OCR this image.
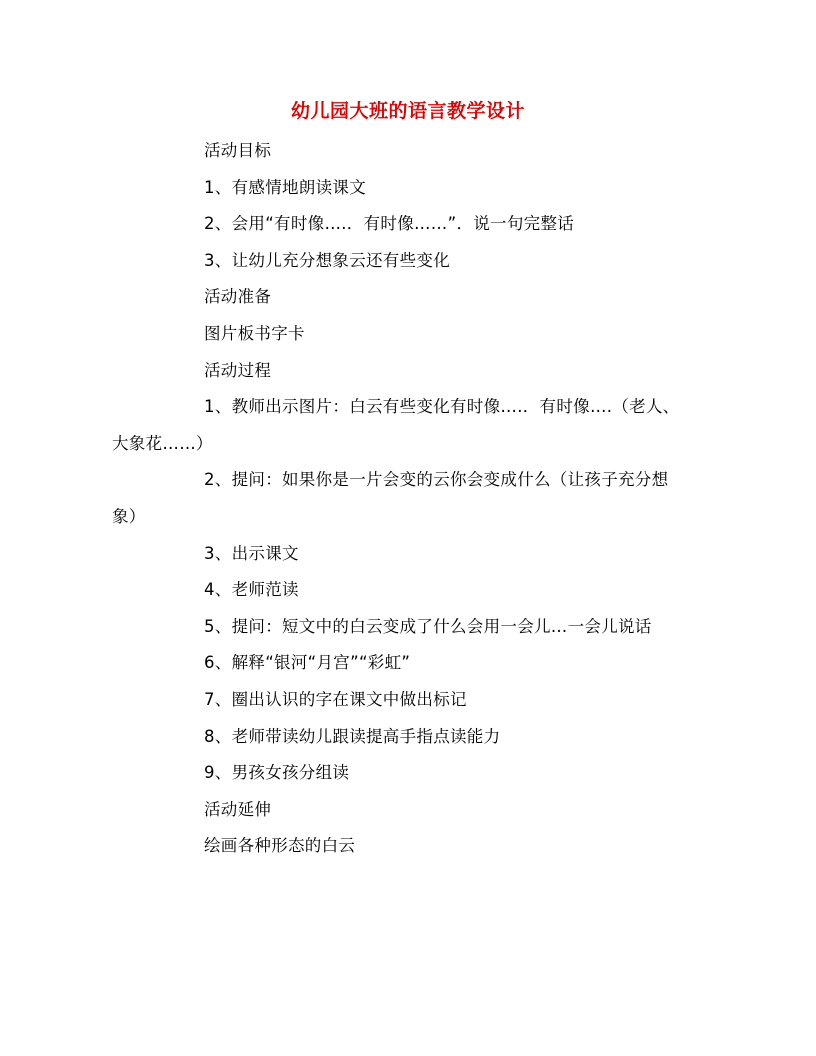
幼儿园大班的语言教学设计

活动目标

1、有感情地朗读课文

2、会用“有时像….．有时像……”．说一句完整话

3、让幼儿充分想象云还有些变化

活动准备

图片板书字卡

活动过程

1、教师出示图片：白云有些变化有时像….．有时像….（老人、大象花……）

2、提问：如果你是一片会变的云你会变成什么（让孩子充分想象）

3、出示课文

4、老师范读

5、提问：短文中的白云变成了什么会用一会儿…一会儿说话

6、解释“银河“月宫”“彩虹”

7、圈出认识的字在课文中做出标记

8、老师带读幼儿跟读提高手指点读能力

9、男孩女孩分组读

活动延伸

绘画各种形态的白云
